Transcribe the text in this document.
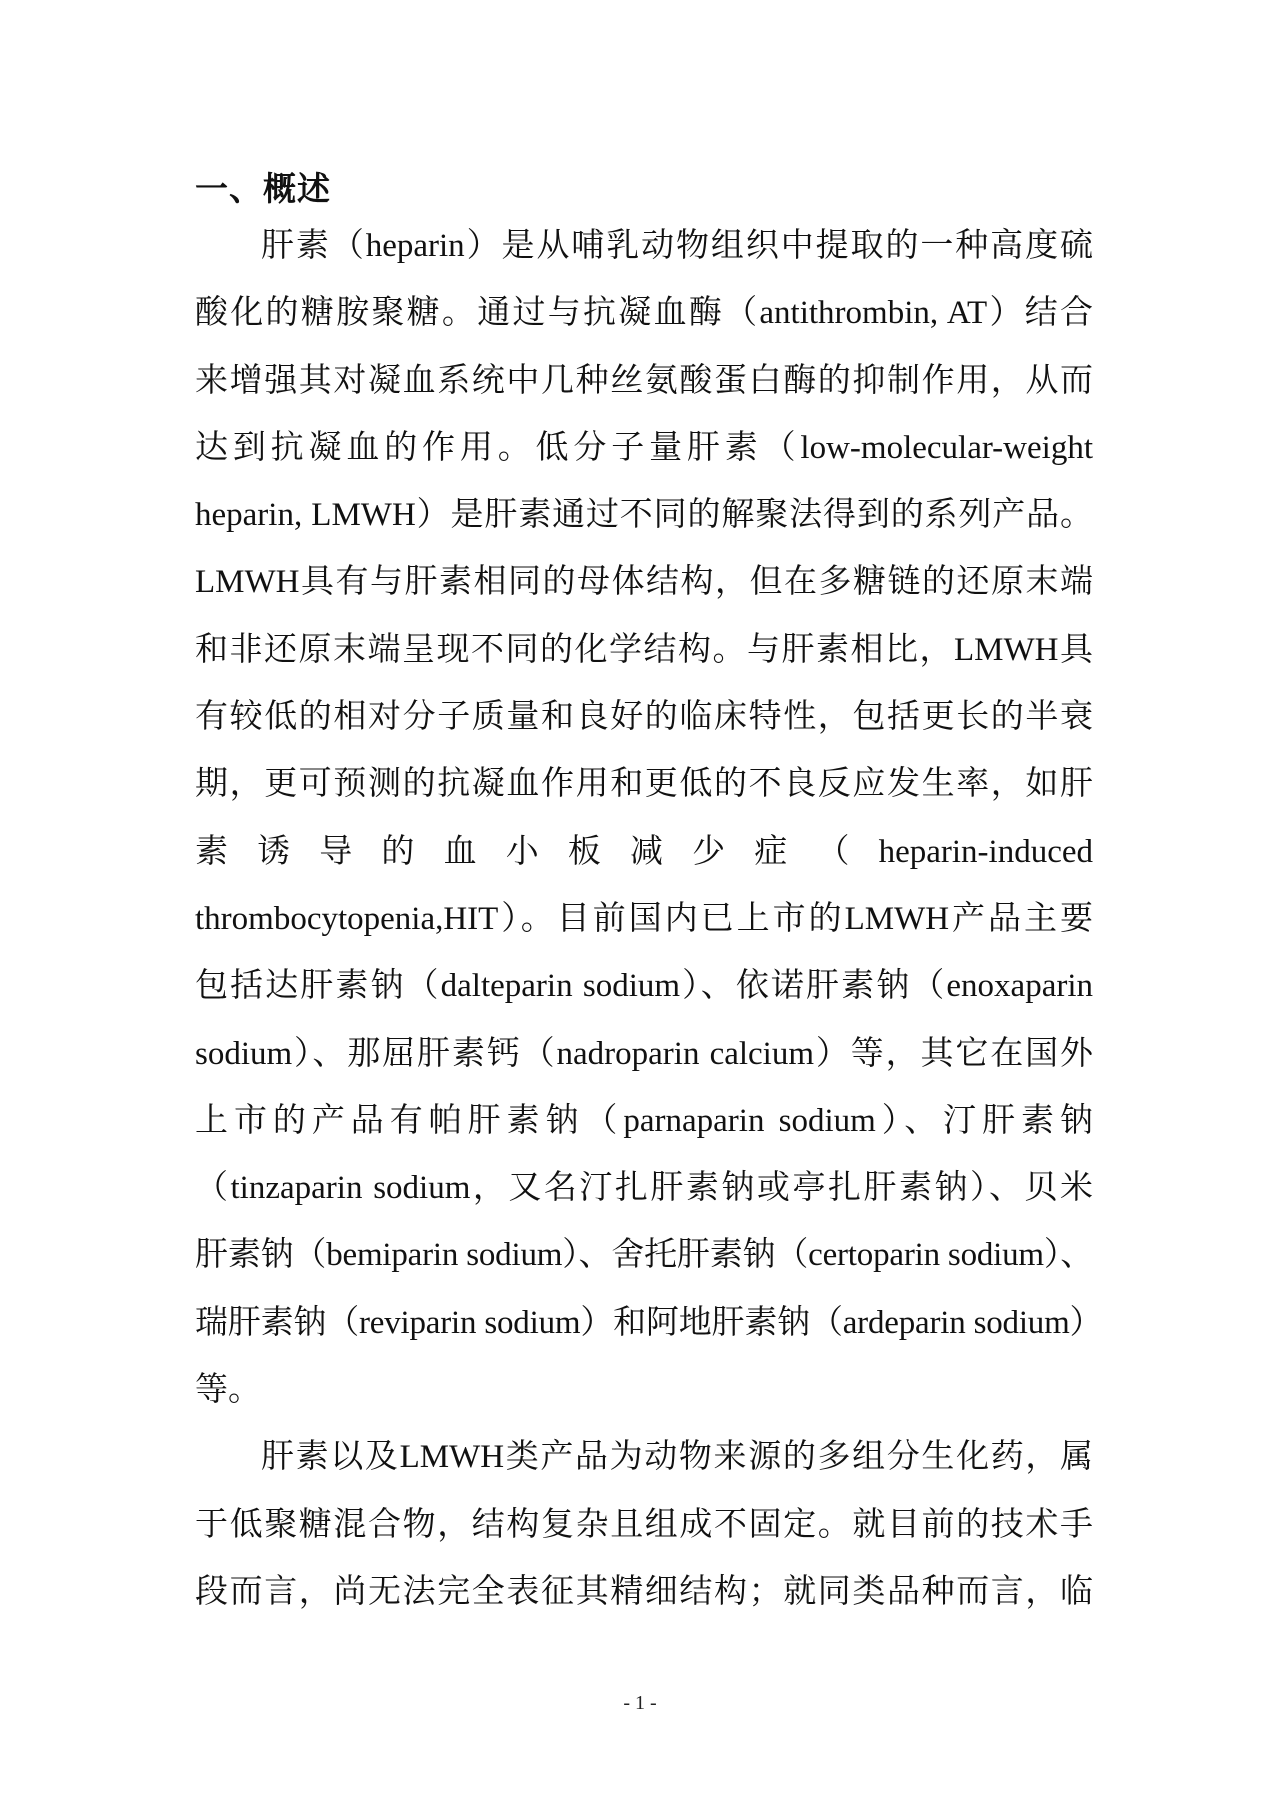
一、概述

肝素（heparin）是从哺乳动物组织中提取的一种高度硫
酸化的糖胺聚糖。通过与抗凝血酶（antithrombin, AT）结合
来增强其对凝血系统中几种丝氨酸蛋白酶的抑制作用，从而
达到抗凝血的作用。低分子量肝素（low-molecular-weight
heparin, LMWH）是肝素通过不同的解聚法得到的系列产品。
LMWH具有与肝素相同的母体结构，但在多糖链的还原末端
和非还原末端呈现不同的化学结构。与肝素相比，LMWH具
有较低的相对分子质量和良好的临床特性，包括更长的半衰
期，更可预测的抗凝血作用和更低的不良反应发生率，如肝
素诱导的血小板减少症（heparin-induced
thrombocytopenia,HIT）。目前国内已上市的LMWH产品主要
包括达肝素钠（dalteparin sodium）、依诺肝素钠（enoxaparin
sodium）、那屈肝素钙（nadroparin calcium）等，其它在国外
上市的产品有帕肝素钠（parnaparin sodium）、汀肝素钠
（tinzaparin sodium，又名汀扎肝素钠或亭扎肝素钠）、贝米
肝素钠（bemiparin sodium）、舍托肝素钠（certoparin sodium）、
瑞肝素钠（reviparin sodium）和阿地肝素钠（ardeparin sodium）
等。

肝素以及LMWH类产品为动物来源的多组分生化药，属
于低聚糖混合物，结构复杂且组成不固定。就目前的技术手
段而言，尚无法完全表征其精细结构；就同类品种而言，临

- 1 -
